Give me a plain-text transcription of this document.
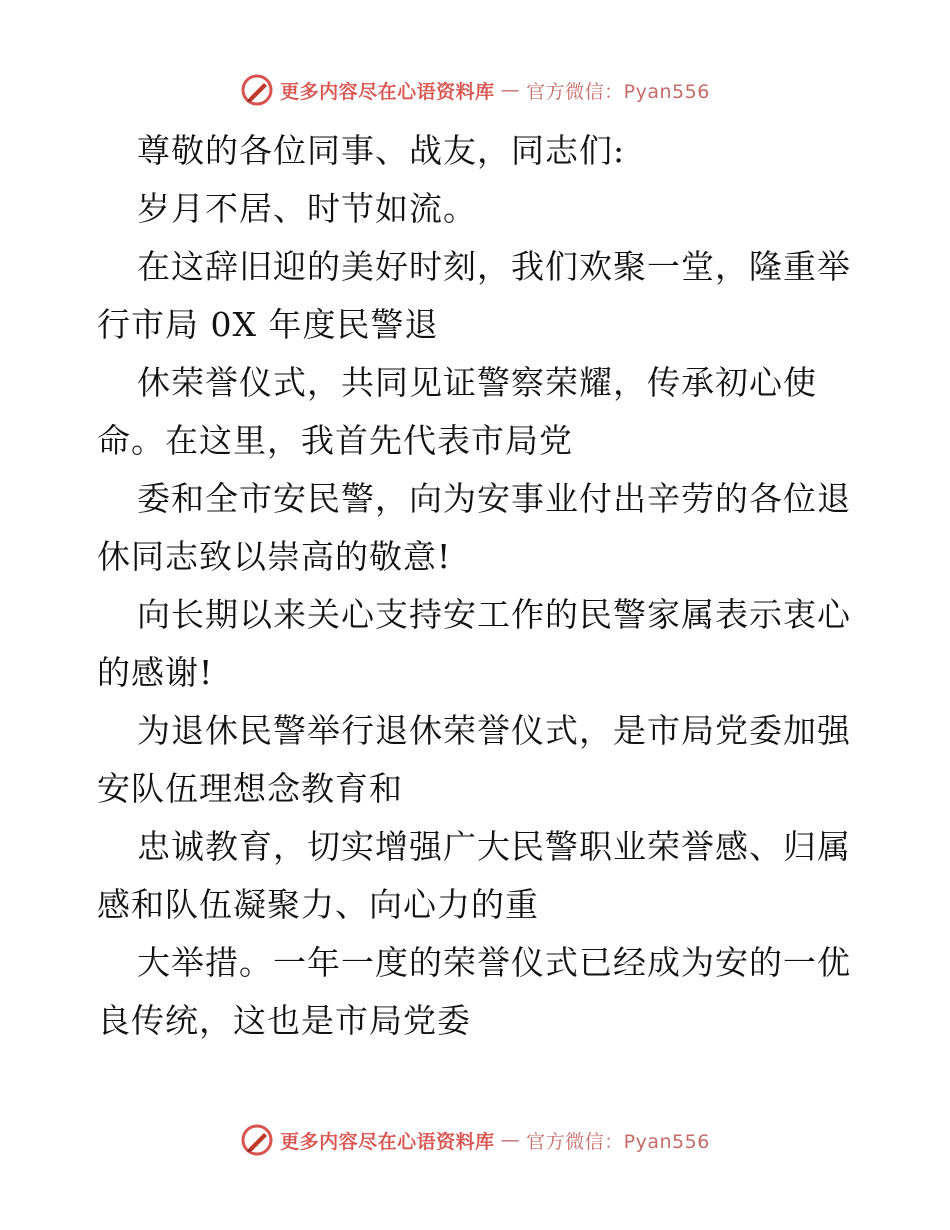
更多内容尽在心语资料库 — 官方微信：Pyan556
尊敬的各位同事、战友，同志们:
岁月不居、时节如流。
在这辞旧迎的美好时刻，我们欢聚一堂，隆重举
行市局 0X 年度民警退
休荣誉仪式，共同见证警察荣耀，传承初心使
命。在这里，我首先代表市局党
委和全市安民警，向为安事业付出辛劳的各位退
休同志致以崇高的敬意!
向长期以来关心支持安工作的民警家属表示衷心
的感谢!
为退休民警举行退休荣誉仪式，是市局党委加强
安队伍理想念教育和
忠诚教育，切实增强广大民警职业荣誉感、归属
感和队伍凝聚力、向心力的重
大举措。一年一度的荣誉仪式已经成为安的一优
良传统，这也是市局党委
更多内容尽在心语资料库 — 官方微信：Pyan556
